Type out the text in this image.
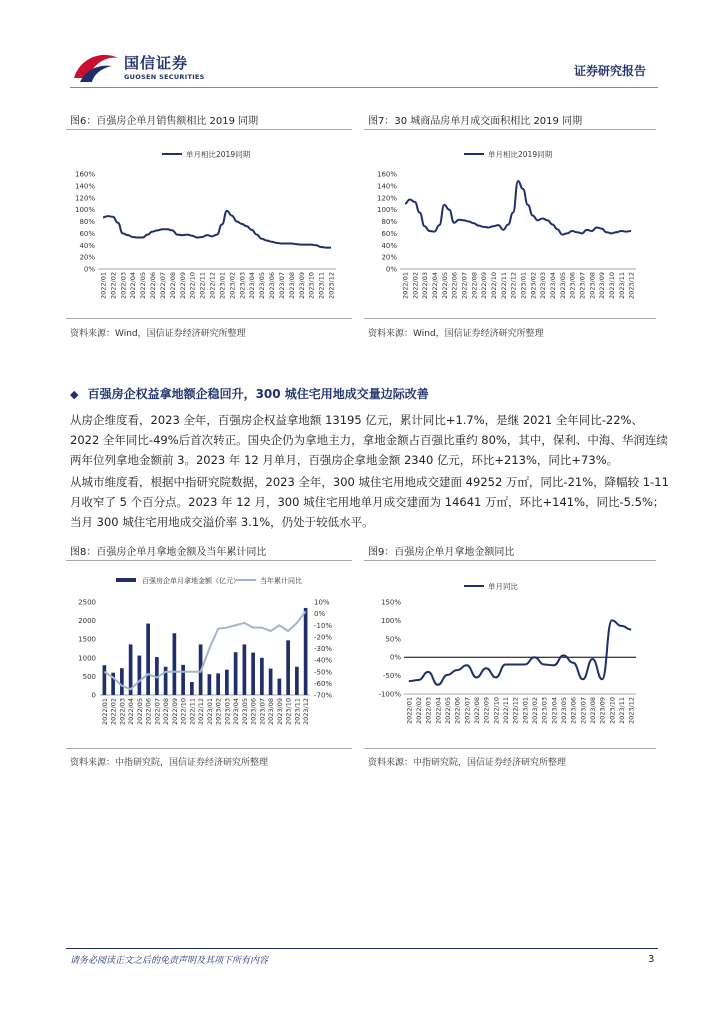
国信证券
GUOSEN SECURITIES	证券研究报告
图6：百强房企单月销售额相比 2019 同期
单月相比2019同期
0%
20%
40%
60%
80%
100%
120%
140%
160%
2022/01 2022/02 2022/03 2022/04 2022/05 2022/06 2022/07 2022/08 2022/09 2022/10 2022/11 2022/12 2023/01 2023/02 2023/03 2023/04 2023/05 2023/06 2023/07 2023/08 2023/09 2023/10 2023/11 2023/12
资料来源：Wind，国信证券经济研究所整理
图7：30 城商品房单月成交面积相比 2019 同期
单月相比2019同期
0%
20%
40%
60%
80%
100%
120%
140%
160%
2022/01 2022/02 2022/03 2022/04 2022/05 2022/06 2022/07 2022/08 2022/09 2022/10 2022/11 2022/12 2023/01 2023/02 2023/03 2023/04 2023/05 2023/06 2023/07 2023/08 2023/09 2023/10 2023/11 2023/12
资料来源：Wind，国信证券经济研究所整理
◆ 百强房企权益拿地额企稳回升，300 城住宅用地成交量边际改善
从房企维度看，2023 全年，百强房企权益拿地额 13195 亿元，累计同比+1.7%，是继 2021 全年同比-22%、2022 全年同比-49%后首次转正。国央企仍为拿地主力，拿地金额占百强比重约 80%，其中，保利、中海、华润连续两年位列拿地金额前 3。2023 年 12 月单月，百强房企拿地金额 2340 亿元，环比+213%，同比+73%。
从城市维度看，根据中指研究院数据，2023 全年，300 城住宅用地成交建面 49252 万㎡，同比-21%，降幅较 1-11 月收窄了 5 个百分点。2023 年 12 月，300 城住宅用地单月成交建面为 14641 万㎡，环比+141%，同比-5.5%；当月 300 城住宅用地成交溢价率 3.1%，仍处于较低水平。
图8：百强房企单月拿地金额及当年累计同比
百强房企单月拿地金额（亿元）	当年累计同比
0
500
1000
1500
2000
2500
-70%
-60%
-50%
-40%
-30%
-20%
-10%
0%
10%
2022/01 2022/02 2022/03 2022/04 2022/05 2022/06 2022/07 2022/08 2022/09 2022/10 2022/11 2022/12 2023/01 2023/02 2023/03 2023/04 2023/05 2023/06 2023/07 2023/08 2023/09 2023/10 2023/11 2023/12
资料来源：中指研究院，国信证券经济研究所整理
图9：百强房企单月拿地金额同比
单月同比
-100%
-50%
0%
50%
100%
150%
2022/01 2022/02 2022/03 2022/04 2022/05 2022/06 2022/07 2022/08 2022/09 2022/10 2022/11 2022/12 2023/01 2023/02 2023/03 2023/04 2023/05 2023/06 2023/07 2023/08 2023/09 2023/10 2023/11 2023/12
资料来源：中指研究院，国信证券经济研究所整理
请务必阅读正文之后的免责声明及其项下所有内容	3
